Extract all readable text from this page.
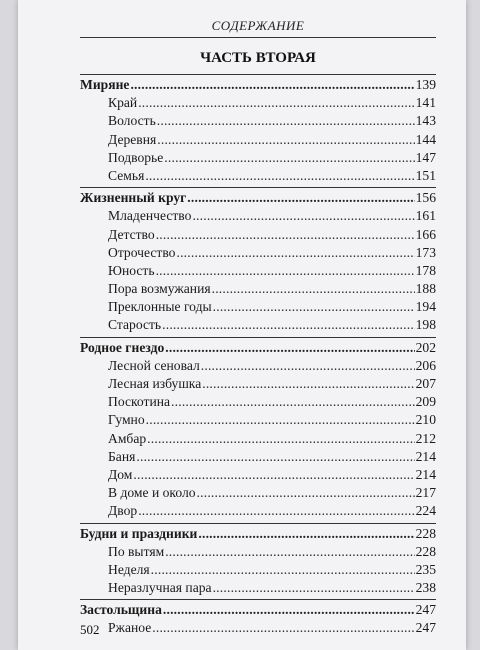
СОДЕРЖАНИЕ
ЧАСТЬ ВТОРАЯ
Миряне . . .	139
Край . . .	141
Волость . . .	143
Деревня . . .	144
Подворье . . .	147
Семья . . .	151
Жизненный круг . . .	156
Младенчество . . .	161
Детство . . .	166
Отрочество . . .	173
Юность . . .	178
Пора возмужания . . .	188
Преклонные годы . . .	194
Старость . . .	198
Родное гнездо . . .	202
Лесной сеновал . . .	206
Лесная избушка . . .	207
Поскотина . . .	209
Гумно . . .	210
Амбар . . .	212
Баня . . .	214
Дом . . .	214
В доме и около . . .	217
Двор . . .	224
Будни и праздники . . .	228
По вытям . . .	228
Неделя . . .	235
Неразлучная пара . . .	238
Застольщина . . .	247
Ржаное . . .	247
502
